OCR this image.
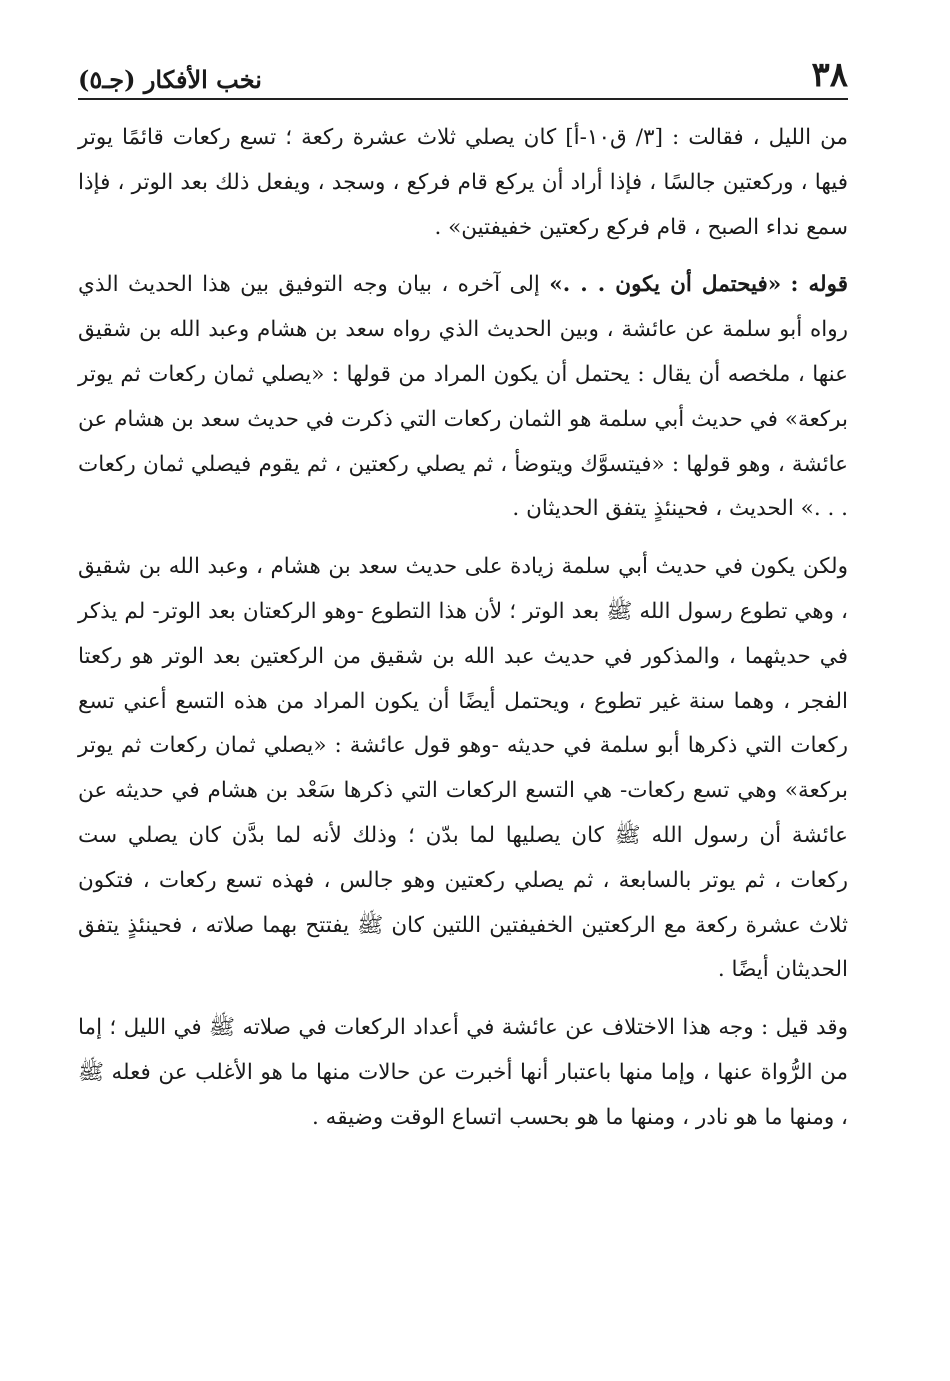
٣٨
نخب الأفكار (جـ٥)

من الليل ، فقالت : [٣/ ق١٠-أ] كان يصلي ثلاث عشرة ركعة ؛ تسع ركعات قائمًا يوتر فيها ، وركعتين جالسًا ، فإذا أراد أن يركع قام فركع ، وسجد ، ويفعل ذلك بعد الوتر ، فإذا سمع نداء الصبح ، قام فركع ركعتين خفيفتين» .

قوله : «فيحتمل أن يكون . . .» إلى آخره ، بيان وجه التوفيق بين هذا الحديث الذي رواه أبو سلمة عن عائشة ، وبين الحديث الذي رواه سعد بن هشام وعبد الله بن شقيق عنها ، ملخصه أن يقال : يحتمل أن يكون المراد من قولها : «يصلي ثمان ركعات ثم يوتر بركعة» في حديث أبي سلمة هو الثمان ركعات التي ذكرت في حديث سعد بن هشام عن عائشة ، وهو قولها : «فيتسوَّك ويتوضأ ، ثم يصلي ركعتين ، ثم يقوم فيصلي ثمان ركعات . . .» الحديث ، فحينئذٍ يتفق الحديثان .

ولكن يكون في حديث أبي سلمة زيادة على حديث سعد بن هشام ، وعبد الله بن شقيق ، وهي تطوع رسول الله ﷺ بعد الوتر ؛ لأن هذا التطوع -وهو الركعتان بعد الوتر- لم يذكر في حديثهما ، والمذكور في حديث عبد الله بن شقيق من الركعتين بعد الوتر هو ركعتا الفجر ، وهما سنة غير تطوع ، ويحتمل أيضًا أن يكون المراد من هذه التسع أعني تسع ركعات التي ذكرها أبو سلمة في حديثه -وهو قول عائشة : «يصلي ثمان ركعات ثم يوتر بركعة» وهي تسع ركعات- هي التسع الركعات التي ذكرها سَعْد بن هشام في حديثه عن عائشة أن رسول الله ﷺ كان يصليها لما بدّن ؛ وذلك لأنه لما بدَّن كان يصلي ست ركعات ، ثم يوتر بالسابعة ، ثم يصلي ركعتين وهو جالس ، فهذه تسع ركعات ، فتكون ثلاث عشرة ركعة مع الركعتين الخفيفتين اللتين كان ﷺ يفتتح بهما صلاته ، فحينئذٍ يتفق الحديثان أيضًا .

وقد قيل : وجه هذا الاختلاف عن عائشة في أعداد الركعات في صلاته ﷺ في الليل ؛ إما من الرُّواة عنها ، وإما منها باعتبار أنها أخبرت عن حالات منها ما هو الأغلب عن فعله ﷺ ، ومنها ما هو نادر ، ومنها ما هو بحسب اتساع الوقت وضيقه .
